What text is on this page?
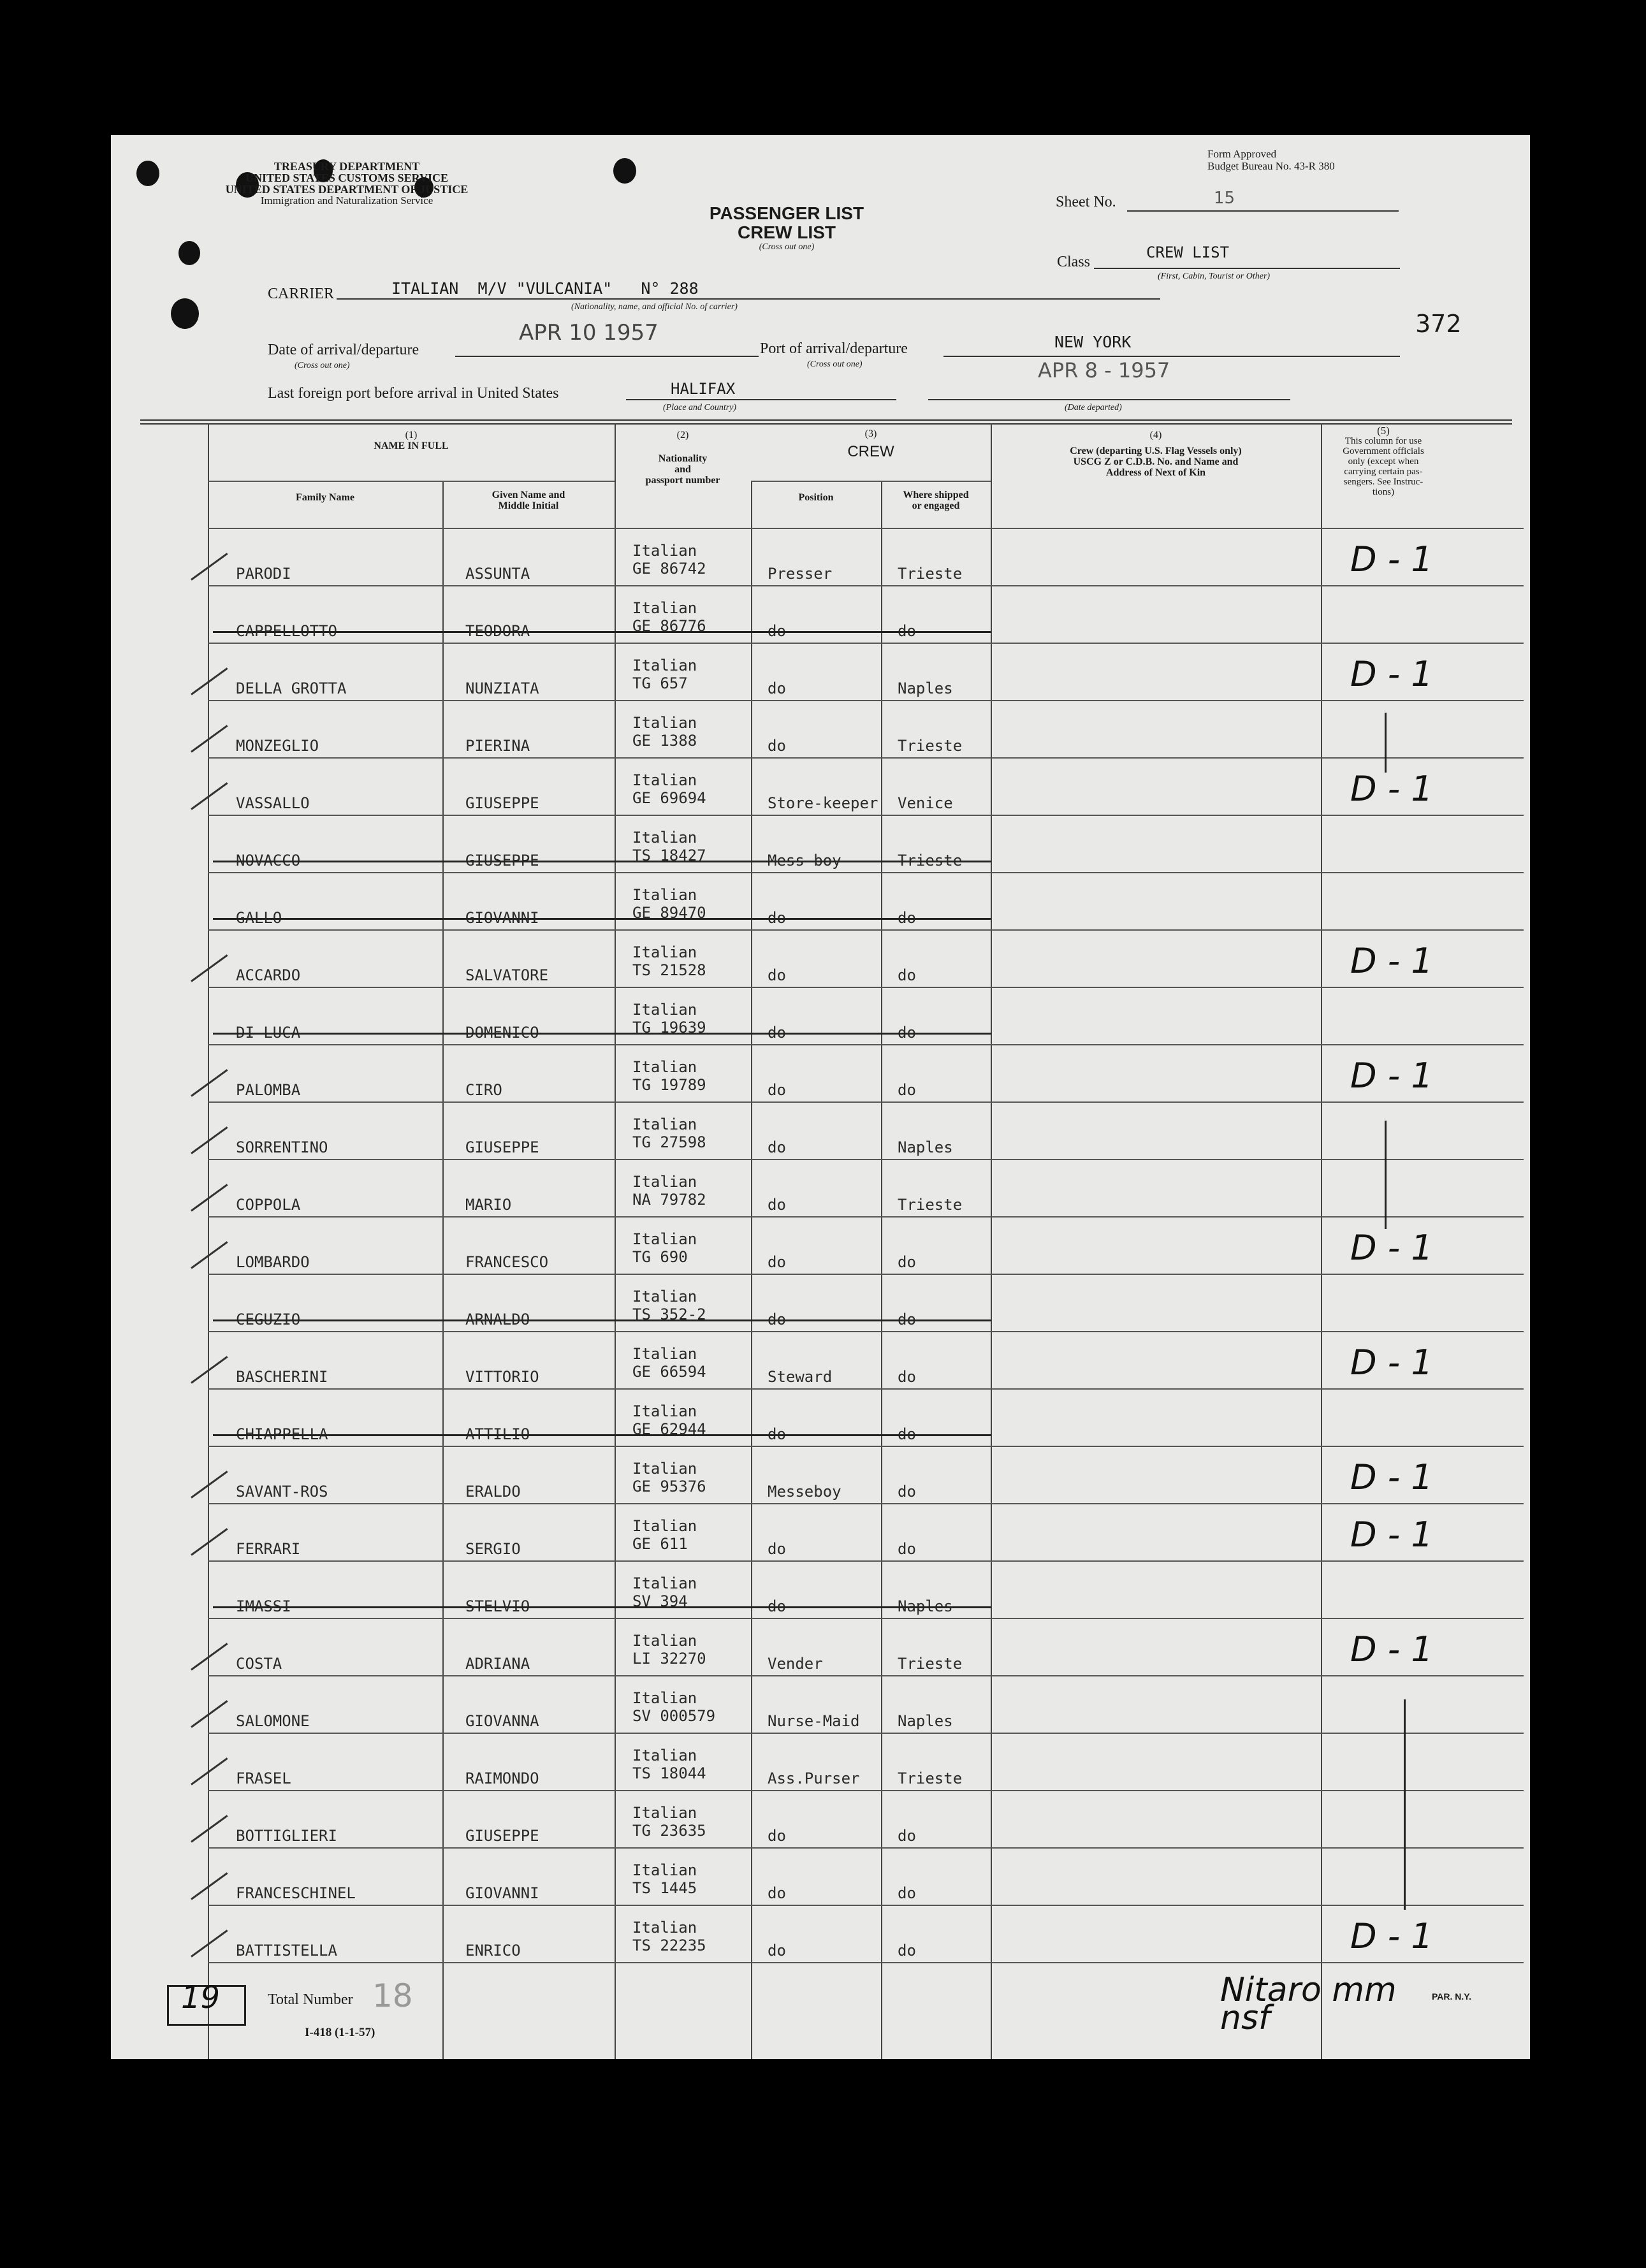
TREASURY DEPARTMENT
UNITED STATES CUSTOMS SERVICE
UNITED STATES DEPARTMENT OF JUSTICE
Immigration and Naturalization Service
Form Approved
Budget Bureau No. 43-R 380
PASSENGER LIST
CREW LIST
(Cross out one)
Sheet No.	15
Class
CREW LIST
(First, Cabin, Tourist or Other)
372
CARRIER	ITALIAN  M/V "VULCANIA"   N° 288
(Nationality, name, and official No. of carrier)
Date of arrival/departure
(Cross out one)
APR 10 1957
Port of arrival/departure
(Cross out one)
NEW YORK
Last foreign port before arrival in United States	HALIFAX
(Place and Country)
APR 8 - 1957
(Date departed)
(1)
NAME IN FULL
Family Name	Given Name and
Middle Initial
(2)
Nationality
and
passport number
(3)
CREW
Position	Where shipped
or engaged
(4)
Crew (departing U.S. Flag Vessels only)
USCG Z or C.D.B. No. and Name and
Address of Next of Kin
(5)
This column for use
Government officials
only (except when
carrying certain pas-
sengers. See Instruc-
tions)
PARODI	ASSUNTA
Italian
GE 86742	Presser	Trieste	D - 1
CAPPELLOTTO	TEODORA
Italian
GE 86776	do	do
DELLA GROTTA	NUNZIATA
Italian
TG 657	do	Naples	D - 1
MONZEGLIO	PIERINA
Italian
GE 1388	do	Trieste
VASSALLO	GIUSEPPE
Italian
GE 69694	Store-keeper Venice	D - 1
NOVACCO	GIUSEPPE
Italian
TS 18427	Mess-boy	Trieste
GALLO	GIOVANNI
Italian
GE 89470	do	do
ACCARDO	SALVATORE
Italian
TS 21528	do	do	D - 1
DI LUCA	DOMENICO
Italian
TG 19639	do	do
PALOMBA	CIRO
Italian
TG 19789	do	do	D - 1
SORRENTINO	GIUSEPPE
Italian
TG 27598	do	Naples
COPPOLA	MARIO
Italian
NA 79782	do	Trieste
LOMBARDO	FRANCESCO
Italian
TG 690	do	do	D - 1
CEGUZIO	ARNALDO
Italian
TS 352-2	do	do
BASCHERINI	VITTORIO
Italian
GE 66594	Steward	do	D - 1
CHIAPPELLA	ATTILIO
Italian
GE 62944	do	do
SAVANT-ROS	ERALDO
Italian
GE 95376	Messeboy	do	D - 1
FERRARI	SERGIO
Italian
GE 611	do	do	D - 1
IMASSI	STELVIO
Italian
SV 394	do	Naples
COSTA	ADRIANA
Italian
LI 32270	Vender	Trieste	D - 1
SALOMONE	GIOVANNA
Italian
SV 000579	Nurse-Maid Naples
FRASEL	RAIMONDO
Italian
TS 18044	Ass.Purser Trieste
BOTTIGLIERI	GIUSEPPE
Italian
TG 23635	do	do
FRANCESCHINEL	GIOVANNI
Italian
TS 1445	do	do
BATTISTELLA	ENRICO
Italian
TS 22235	do	do	D - 1
19	Total Number 18
I-418 (1-1-57)
PAR. N.Y.
Nitaro mm nsf
